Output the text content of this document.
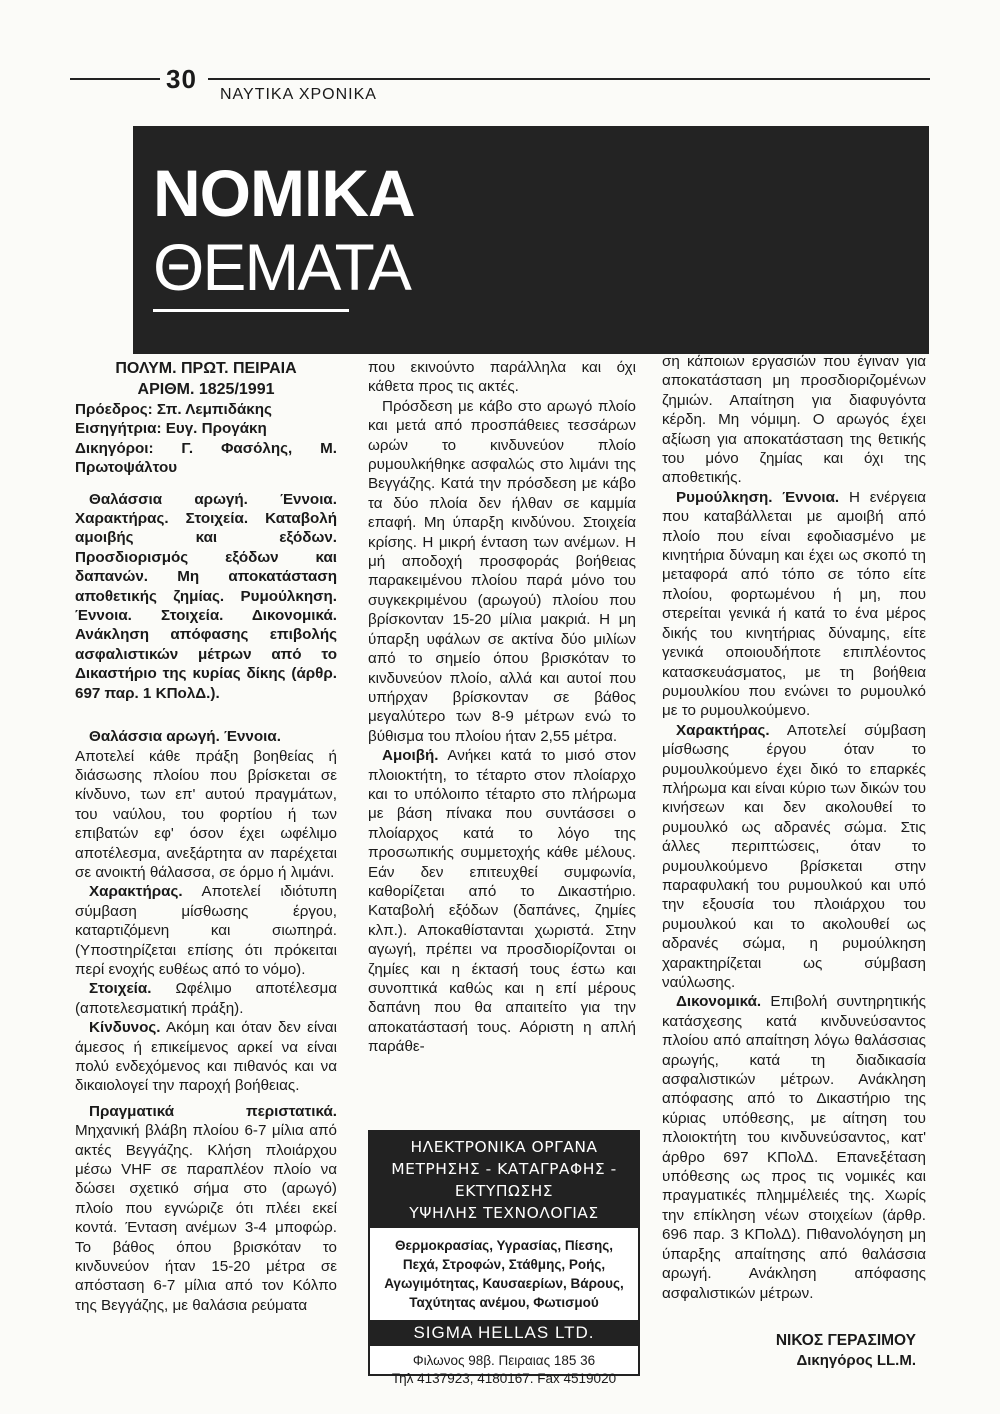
30
ΝΑΥΤΙΚΑ ΧΡΟΝΙΚΑ
ΝΟΜΙΚΑ
ΘΕΜΑΤΑ
ΠΟΛΥΜ. ΠΡΩΤ. ΠΕΙΡΑΙΑ
ΑΡΙΘΜ. 1825/1991

Πρόεδρος: Σπ. Λεμπιδάκης

Εισηγήτρια: Ευγ. Προγάκη

Δικηγόροι: Γ. Φασόλης, Μ. Πρωτοψάλτου

Θαλάσσια αρωγή. Έννοια. Χαρακτήρας. Στοιχεία. Καταβολή αμοιβής και εξόδων. Προσδιορισμός εξόδων και δαπανών. Μη αποκατάσταση αποθετικής ζημίας. Ρυμούλκηση. Έννοια. Στοιχεία. Δικονομικά. Ανάκληση απόφασης επιβολής ασφαλιστικών μέτρων από το Δικαστήριο της κυρίας δίκης (άρθρ. 697 παρ. 1 ΚΠολΔ.).

Θαλάσσια αρωγή. Έννοια.

Αποτελεί κάθε πράξη βοηθείας ή διάσωσης πλοίου που βρίσκεται σε κίνδυνο, των επ' αυτού πραγμάτων, του ναύλου, του φορτίου ή των επιβατών εφ' όσον έχει ωφέλιμο αποτέλεσμα, ανεξάρτητα αν παρέχεται σε ανοικτή θάλασσα, σε όρμο ή λιμάνι.

Χαρακτήρας. Αποτελεί ιδιότυπη σύμβαση μίσθωσης έργου, καταρτιζόμενη και σιωπηρά. (Υποστηρίζεται επίσης ότι πρόκειται περί ενοχής ευθέως από το νόμο).

Στοιχεία. Ωφέλιμο αποτέλεσμα (αποτελεσματική πράξη).

Κίνδυνος. Ακόμη και όταν δεν είναι άμεσος ή επικείμενος αρκεί να είναι πολύ ενδεχόμενος και πιθανός και να δικαιολογεί την παροχή βοήθειας.

Πραγματικά περιστατικά. Μηχανική βλάβη πλοίου 6-7 μίλια από ακτές Βεγγάζης. Κλήση πλοιάρχου μέσω VHF σε παραπλέον πλοίο να δώσει σχετικό σήμα στο (αρωγό) πλοίο που εγνώριζε ότι πλέει εκεί κοντά. Ένταση ανέμων 3-4 μποφώρ. Το βάθος όπου βρισκόταν το κινδυνεύον ήταν 15-20 μέτρα σε απόσταση 6-7 μίλια από τον Κόλπο της Βεγγάζης, με θαλάσια ρεύματα

που εκινούντο παράλληλα και όχι κάθετα προς τις ακτές.

Πρόσδεση με κάβο στο αρωγό πλοίο και μετά από προσπάθειες τεσσάρων ωρών το κινδυνεύον πλοίο ρυμουλκήθηκε ασφαλώς στο λιμάνι της Βεγγάζης. Κατά την πρόσδεση με κάβο τα δύο πλοία δεν ήλθαν σε καμμία επαφή. Μη ύπαρξη κινδύνου. Στοιχεία κρίσης. Η μικρή ένταση των ανέμων. Η μή αποδοχή προσφοράς βοήθειας παρακειμένου πλοίου παρά μόνο του συγκεκριμένου (αρωγού) πλοίου που βρίσκονταν 15-20 μίλια μακριά. Η μη ύπαρξη υφάλων σε ακτίνα δύο μιλίων από το σημείο όπου βρισκόταν το κινδυνεύον πλοίο, αλλά και αυτοί που υπήρχαν βρίσκονταν σε βάθος μεγαλύτερο των 8-9 μέτρων ενώ το βύθισμα του πλοίου ήταν 2,55 μέτρα.

Αμοιβή. Ανήκει κατά το μισό στον πλοιοκτήτη, το τέταρτο στον πλοίαρχο και το υπόλοιπο τέταρτο στο πλήρωμα με βάση πίνακα που συντάσσει ο πλοίαρχος κατά το λόγο της προσωπικής συμμετοχής κάθε μέλους. Εάν δεν επιτευχθεί συμφωνία, καθορίζεται από το Δικαστήριο. Καταβολή εξόδων (δαπάνες, ζημίες κλπ.). Αποκαθίστανται χωριστά. Στην αγωγή, πρέπει να προσδιορίζονται οι ζημίες και η έκτασή τους έστω και συνοπτικά καθώς και η επί μέρους δαπάνη που θα απαιτείτο για την αποκατάστασή τους. Αόριστη η απλή παράθε-

ΗΛΕΚΤΡΟΝΙΚΑ ΟΡΓΑΝΑ
ΜΕΤΡΗΣΗΣ - ΚΑΤΑΓΡΑΦΗΣ - ΕΚΤΥΠΩΣΗΣ
ΥΨΗΛΗΣ ΤΕΧΝΟΛΟΓΙΑΣ
Θερμοκρασίας, Υγρασίας, Πίεσης, Πεχά, Στροφών, Στάθμης, Ροής, Αγωγιμότητας, Καυσαερίων, Βάρους, Ταχύτητας ανέμου, Φωτισμού
SIGMA HELLAS LTD.
Φιλωνος 98β. Πειραιας 185 36
Τηλ 4137923, 4180167. Fax 4519020

ση κάποιων εργασιών που έγιναν για αποκατάσταση μη προσδιοριζομένων ζημιών. Απαίτηση για διαφυγόντα κέρδη. Μη νόμιμη. Ο αρωγός έχει αξίωση για αποκατάσταση της θετικής του μόνο ζημίας και όχι της αποθετικής.

Ρυμούλκηση. Έννοια. Η ενέργεια που καταβάλλεται με αμοιβή από πλοίο που είναι εφοδιασμένο με κινητήρια δύναμη και έχει ως σκοπό τη μεταφορά από τόπο σε τόπο είτε πλοίου, φορτωμένου ή μη, που στερείται γενικά ή κατά το ένα μέρος δικής του κινητήριας δύναμης, είτε γενικά οποιουδήποτε επιπλέοντος κατασκευάσματος, με τη βοήθεια ρυμουλκίου που ενώνει το ρυμουλκό με το ρυμουλκούμενο.

Χαρακτήρας. Αποτελεί σύμβαση μίσθωσης έργου όταν το ρυμουλκούμενο έχει δικό το επαρκές πλήρωμα και είναι κύριο των δικών του κινήσεων και δεν ακολουθεί το ρυμουλκό ως αδρανές σώμα. Στις άλλες περιπτώσεις, όταν το ρυμουλκούμενο βρίσκεται στην παραφυλακή του ρυμουλκού και υπό την εξουσία του πλοιάρχου του ρυμουλκού και το ακολουθεί ως αδρανές σώμα, η ρυμούλκηση χαρακτηρίζεται ως σύμβαση ναύλωσης.

Δικονομικά. Επιβολή συντηρητικής κατάσχεσης κατά κινδυνεύσαντος πλοίου από απαίτηση λόγω θαλάσσιας αρωγής, κατά τη διαδικασία ασφαλιστικών μέτρων. Ανάκληση απόφασης από το Δικαστήριο της κύριας υπόθεσης, με αίτηση του πλοιοκτήτη του κινδυνεύσαντος, κατ' άρθρο 697 ΚΠολΔ. Επανεξέταση υπόθεσης ως προς τις νομικές και πραγματικές πλημμέλειές της. Χωρίς την επίκληση νέων στοιχείων (άρθρ. 696 παρ. 3 ΚΠολΔ). Πιθανολόγηση μη ύπαρξης απαίτησης από θαλάσσια αρωγή. Ανάκληση απόφασης ασφαλιστικών μέτρων.

ΝΙΚΟΣ ΓΕΡΑΣΙΜΟΥ
Δικηγόρος LL.M.
